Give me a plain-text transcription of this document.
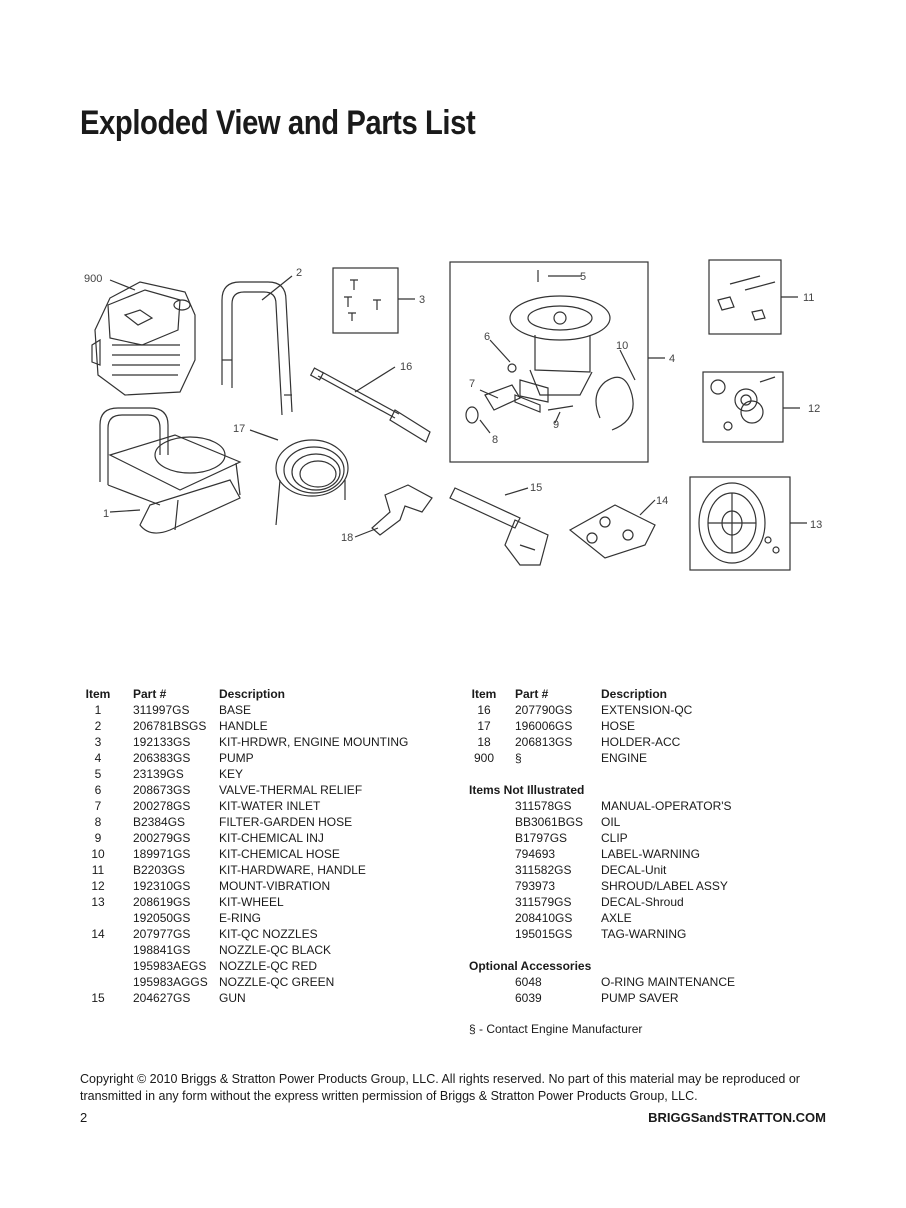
Exploded View and Parts List
900	2
3
5
6
10
4
11
16
7
9
8
12
17
1
15
14
13
18
Item	Part #	Description
1	311997GS BASE
2	206781BSGS HANDLE
3	192133GS KIT-HRDWR, ENGINE MOUNTING
4	206383GS PUMP
5	23139GS	KEY
6	208673GS VALVE-THERMAL RELIEF
7	200278GS KIT-WATER INLET
8	B2384GS	FILTER-GARDEN HOSE
9	200279GS KIT-CHEMICAL INJ
10	189971GS KIT-CHEMICAL HOSE
11	B2203GS	KIT-HARDWARE, HANDLE
12	192310GS MOUNT-VIBRATION
13	208619GS KIT-WHEEL
192050GS E-RING
14	207977GS KIT-QC NOZZLES
198841GS NOZZLE-QC BLACK
195983AEGS NOZZLE-QC RED
195983AGGS NOZZLE-QC GREEN
15	204627GS GUN
Item	Part #	Description
16	207790GS EXTENSION-QC
17	196006GS HOSE
18	206813GS HOLDER-ACC
900	§	ENGINE
Items Not Illustrated
311578GS MANUAL-OPERATOR'S
BB3061BGS OIL
B1797GS	CLIP
794693	LABEL-WARNING
311582GS DECAL-Unit
793973	SHROUD/LABEL ASSY
311579GS DECAL-Shroud
208410GS AXLE
195015GS TAG-WARNING
Optional Accessories
6048	O-RING MAINTENANCE
6039	PUMP SAVER
§ - Contact Engine Manufacturer
Copyright © 2010 Briggs & Stratton Power Products Group, LLC. All rights reserved. No part of this material may be reproduced or transmitted in any form without the express written permission of Briggs & Stratton Power Products Group, LLC.
2	BRIGGSandSTRATTON.COM
